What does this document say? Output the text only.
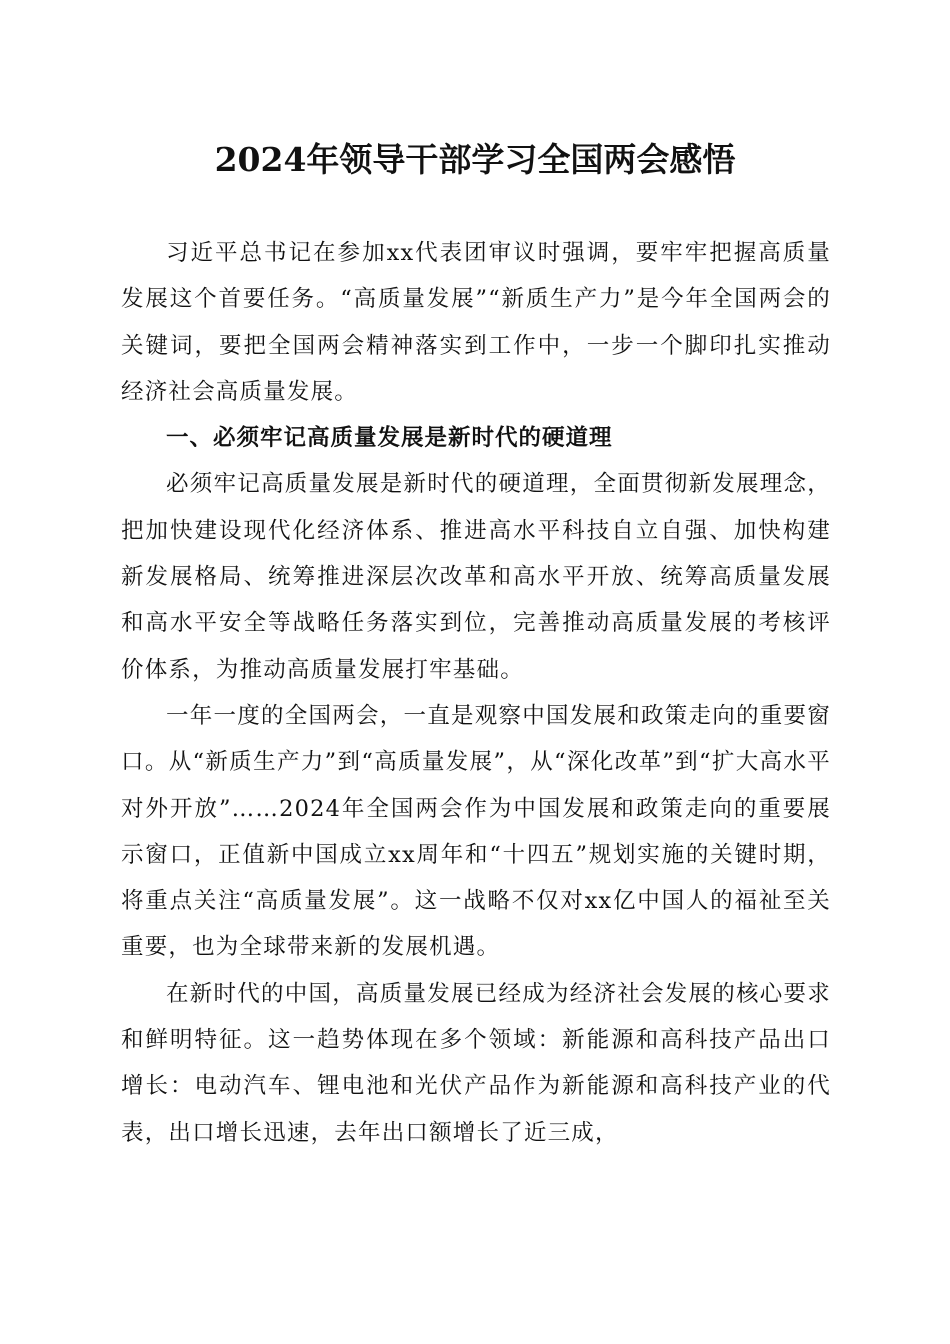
2024年领导干部学习全国两会感悟

习近平总书记在参加xx代表团审议时强调，要牢牢把握高质量发展这个首要任务。“高质量发展”“新质生产力”是今年全国两会的关键词，要把全国两会精神落实到工作中，一步一个脚印扎实推动经济社会高质量发展。

一、必须牢记高质量发展是新时代的硬道理

必须牢记高质量发展是新时代的硬道理，全面贯彻新发展理念，把加快建设现代化经济体系、推进高水平科技自立自强、加快构建新发展格局、统筹推进深层次改革和高水平开放、统筹高质量发展和高水平安全等战略任务落实到位，完善推动高质量发展的考核评价体系，为推动高质量发展打牢基础。

一年一度的全国两会，一直是观察中国发展和政策走向的重要窗口。从“新质生产力”到“高质量发展”，从“深化改革”到“扩大高水平对外开放”……2024年全国两会作为中国发展和政策走向的重要展示窗口，正值新中国成立xx周年和“十四五”规划实施的关键时期，将重点关注“高质量发展”。这一战略不仅对xx亿中国人的福祉至关重要，也为全球带来新的发展机遇。

在新时代的中国，高质量发展已经成为经济社会发展的核心要求和鲜明特征。这一趋势体现在多个领域：新能源和高科技产品出口增长：电动汽车、锂电池和光伏产品作为新能源和高科技产业的代表，出口增长迅速，去年出口额增长了近三成，
